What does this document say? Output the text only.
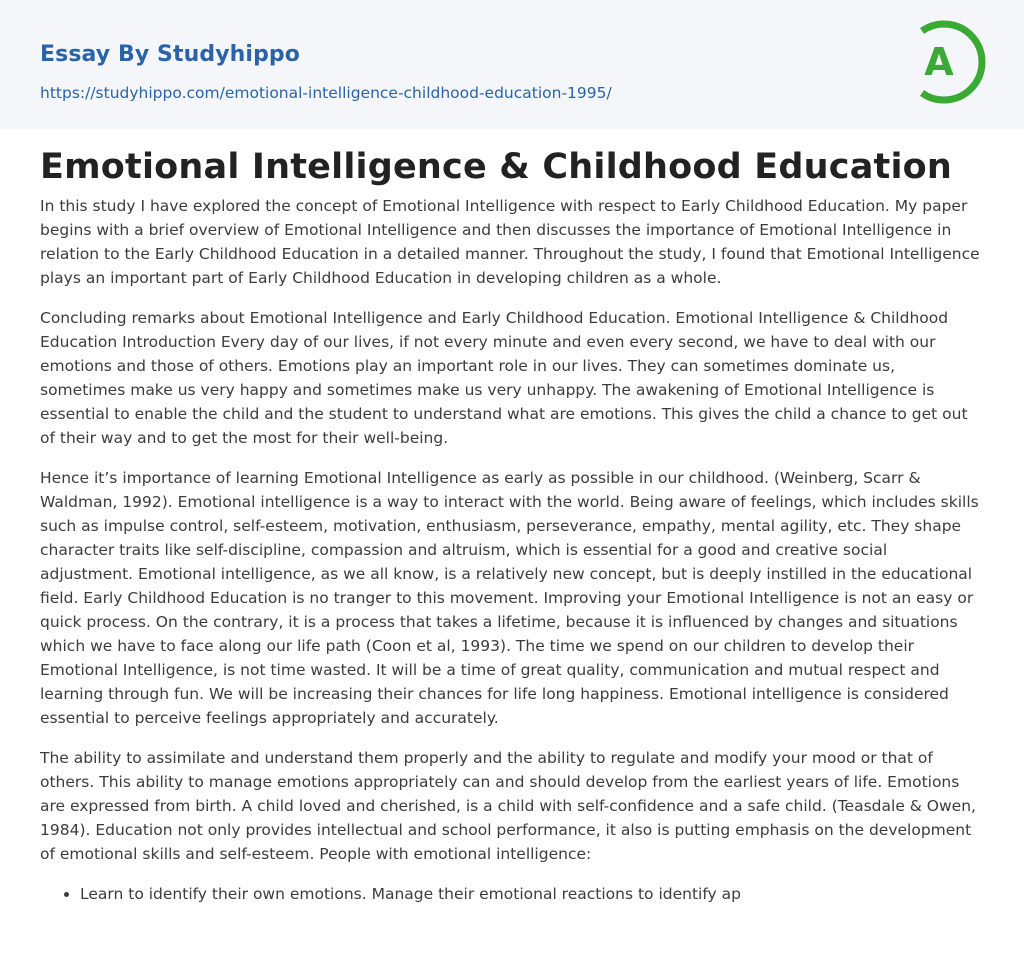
Essay By Studyhippo
https://studyhippo.com/emotional-intelligence-childhood-education-1995/
A
Emotional Intelligence & Childhood Education

In this study I have explored the concept of Emotional Intelligence with respect to Early Childhood Education. My paper begins with a brief overview of Emotional Intelligence and then discusses the importance of Emotional Intelligence in relation to the Early Childhood Education in a detailed manner. Throughout the study, I found that Emotional Intelligence plays an important part of Early Childhood Education in developing children as a whole.

Concluding remarks about Emotional Intelligence and Early Childhood Education. Emotional Intelligence & Childhood Education Introduction Every day of our lives, if not every minute and even every second, we have to deal with our emotions and those of others. Emotions play an important role in our lives. They can sometimes dominate us, sometimes make us very happy and sometimes make us very unhappy. The awakening of Emotional Intelligence is essential to enable the child and the student to understand what are emotions. This gives the child a chance to get out of their way and to get the most for their well-being.

Hence it’s importance of learning Emotional Intelligence as early as possible in our childhood. (Weinberg, Scarr & Waldman, 1992). Emotional intelligence is a way to interact with the world. Being aware of feelings, which includes skills such as impulse control, self-esteem, motivation, enthusiasm, perseverance, empathy, mental agility, etc. They shape character traits like self-discipline, compassion and altruism, which is essential for a good and creative social adjustment. Emotional intelligence, as we all know, is a relatively new concept, but is deeply instilled in the educational field. Early Childhood Education is no tranger to this movement. Improving your Emotional Intelligence is not an easy or quick process. On the contrary, it is a process that takes a lifetime, because it is influenced by changes and situations which we have to face along our life path (Coon et al, 1993). The time we spend on our children to develop their Emotional Intelligence, is not time wasted. It will be a time of great quality, communication and mutual respect and learning through fun. We will be increasing their chances for life long happiness. Emotional intelligence is considered essential to perceive feelings appropriately and accurately.

The ability to assimilate and understand them properly and the ability to regulate and modify your mood or that of others. This ability to manage emotions appropriately can and should develop from the earliest years of life. Emotions are expressed from birth. A child loved and cherished, is a child with self-confidence and a safe child. (Teasdale & Owen, 1984). Education not only provides intellectual and school performance, it also is putting emphasis on the development of emotional skills and self-esteem. People with emotional intelligence:

• Learn to identify their own emotions. Manage their emotional reactions to identify ap
